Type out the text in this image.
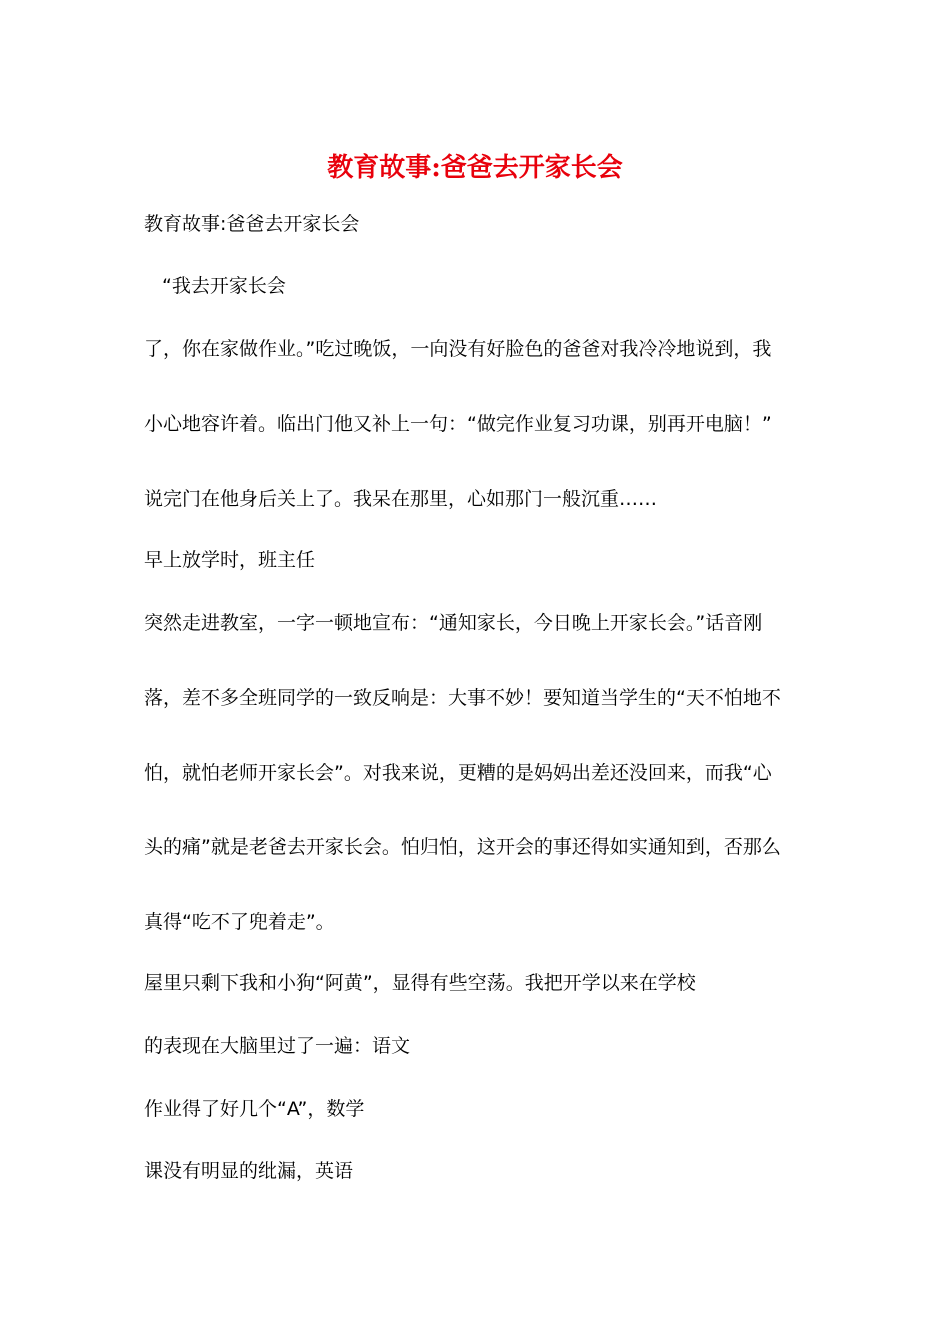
教育故事:爸爸去开家长会
教育故事:爸爸去开家长会
“我去开家长会
了，你在家做作业。”吃过晚饭，一向没有好脸色的爸爸对我冷冷地说到，我
小心地容许着。临出门他又补上一句：“做完作业复习功课，别再开电脑！”
说完门在他身后关上了。我呆在那里，心如那门一般沉重……
早上放学时，班主任
突然走进教室，一字一顿地宣布：“通知家长，今日晚上开家长会。”话音刚
落，差不多全班同学的一致反响是：大事不妙！要知道当学生的“天不怕地不
怕，就怕老师开家长会”。对我来说，更糟的是妈妈出差还没回来，而我“心
头的痛”就是老爸去开家长会。怕归怕，这开会的事还得如实通知到，否那么
真得“吃不了兜着走”。
屋里只剩下我和小狗“阿黄”，显得有些空荡。我把开学以来在学校
的表现在大脑里过了一遍：语文
作业得了好几个“A”，数学
课没有明显的纰漏，英语
